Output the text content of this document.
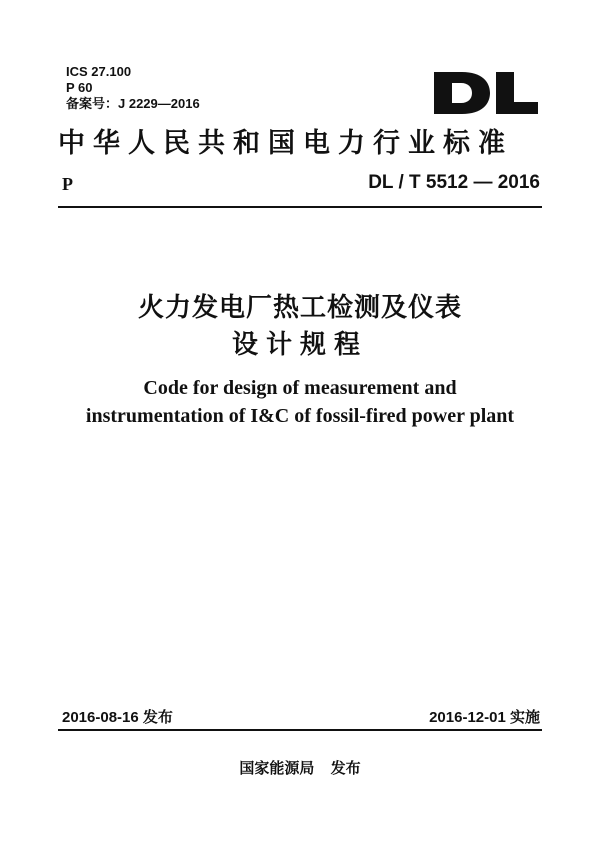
ICS 27.100
P 60
备案号：J 2229—2016
中华人民共和国电力行业标准
P	DL / T 5512 — 2016
火力发电厂热工检测及仪表
设计规程
Code for design of measurement and
instrumentation of I&C of fossil-fired power plant
2016-08-16 发布	2016-12-01 实施
国家能源局 发布
